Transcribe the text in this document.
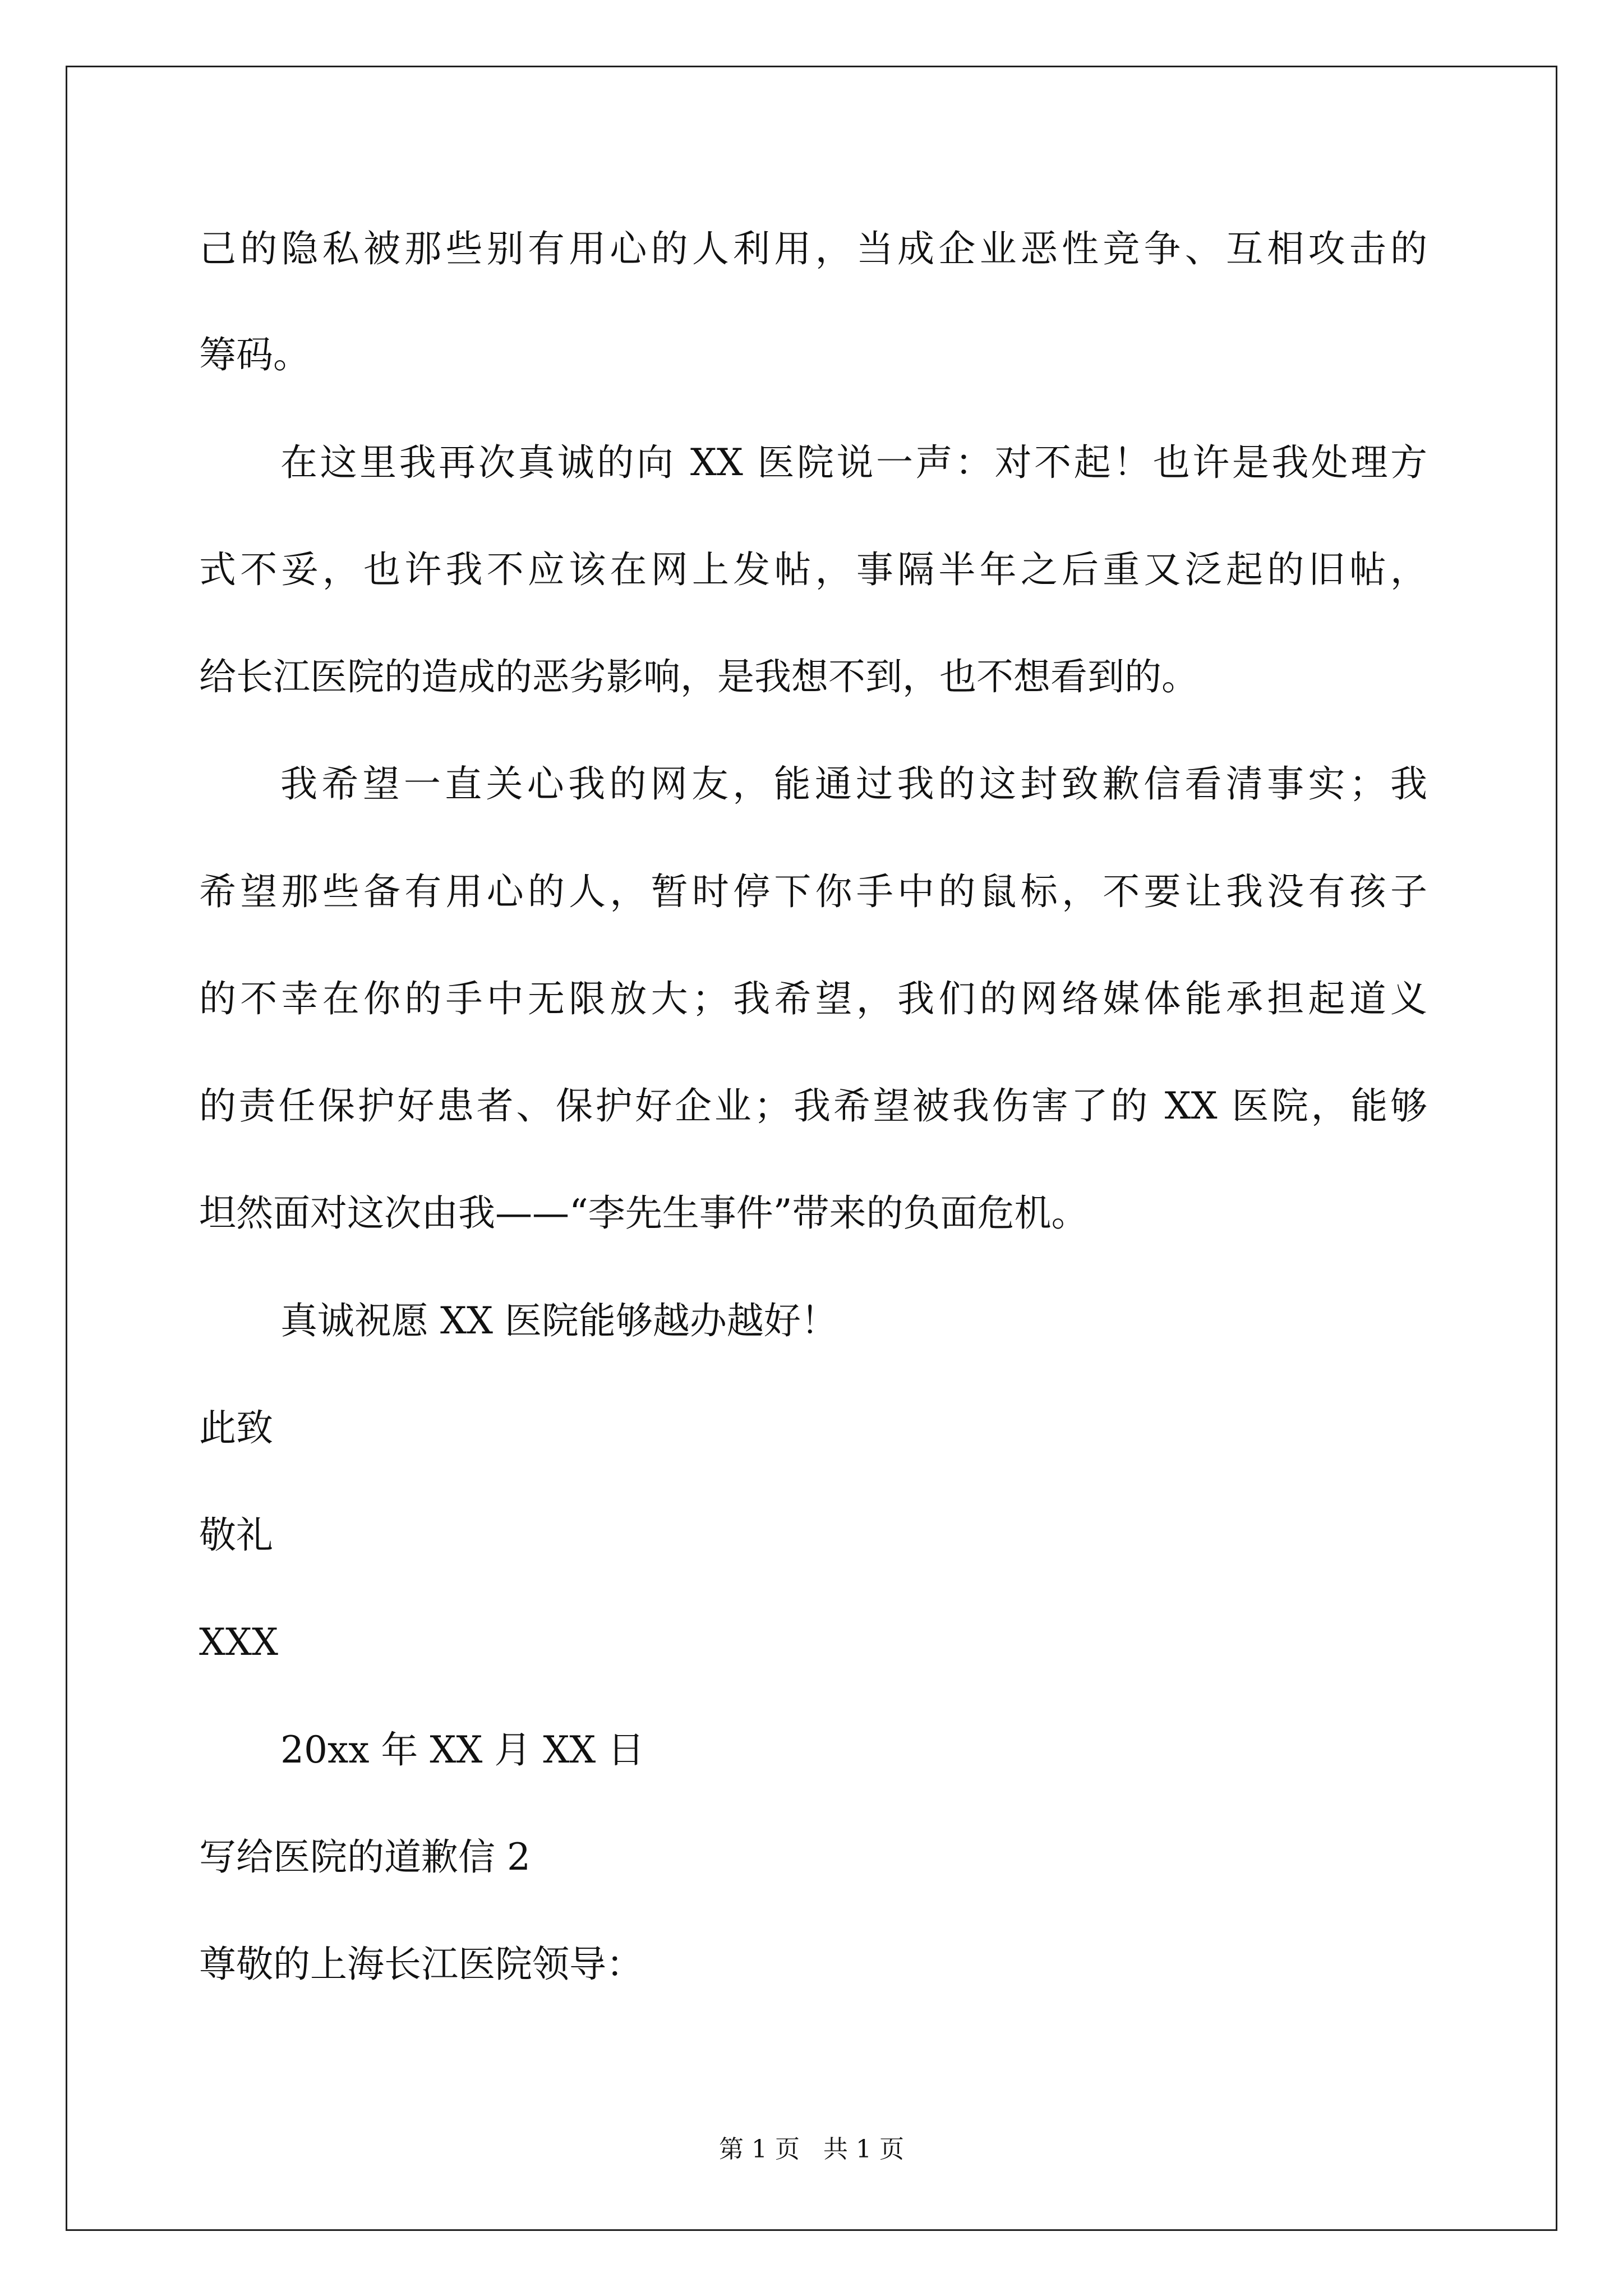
己的隐私被那些别有用心的人利用，当成企业恶性竞争、互相攻击的
筹码。
在这里我再次真诚的向 XX 医院说一声：对不起！也许是我处理方
式不妥，也许我不应该在网上发帖，事隔半年之后重又泛起的旧帖，
给长江医院的造成的恶劣影响，是我想不到，也不想看到的。
我希望一直关心我的网友，能通过我的这封致歉信看清事实；我
希望那些备有用心的人，暂时停下你手中的鼠标，不要让我没有孩子
的不幸在你的手中无限放大；我希望，我们的网络媒体能承担起道义
的责任保护好患者、保护好企业；我希望被我伤害了的 XX 医院，能够
坦然面对这次由我——“李先生事件”带来的负面危机。
真诚祝愿 XX 医院能够越办越好！
此致
敬礼
XXX
20xx 年 XX 月 XX 日
写给医院的道歉信 2
尊敬的上海长江医院领导：
第 1 页   共 1 页
